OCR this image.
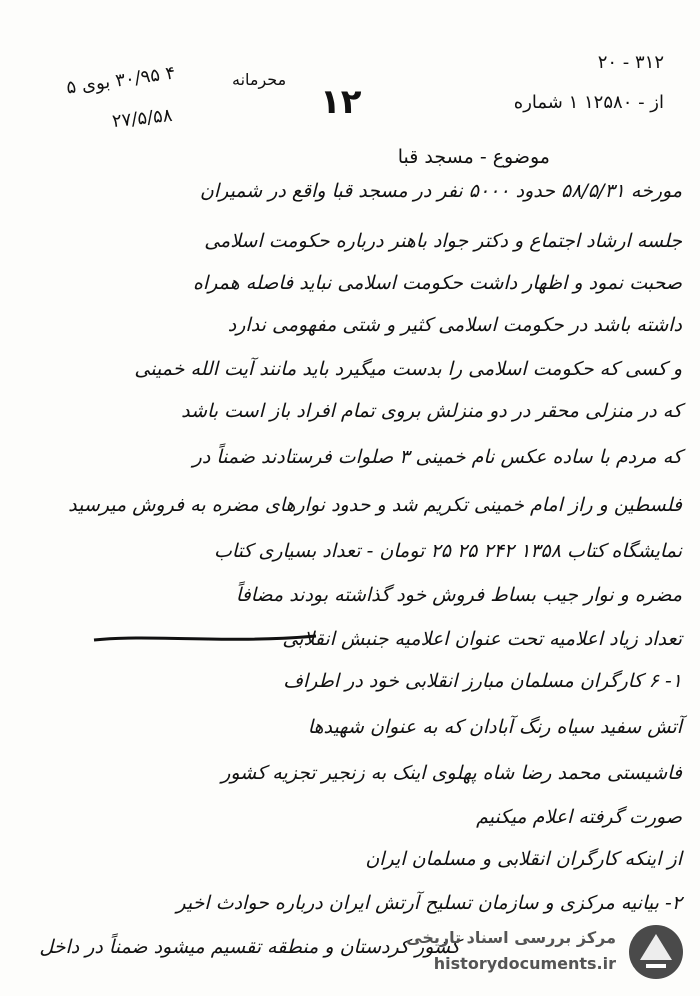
۳۱۲ - ۲۰
از - ۱۲۵۸۰ ۱ شماره
۱۲
۴ ۳۰/۹۵ بوی ۵
۲۷/۵/۵۸
محرمانه
موضوع - مسجد قبا
مورخه ۵۸/۵/۳۱ حدود ۵۰۰۰ نفر در مسجد قبا واقع در شمیران
جلسه ارشاد اجتماع و دکتر جواد باهنر درباره حکومت اسلامی
صحبت نمود و اظهار داشت حکومت اسلامی نباید فاصله همراه
داشته باشد در حکومت اسلامی کثیر و شتی مفهومی ندارد
و کسی که حکومت اسلامی را بدست میگیرد باید مانند آیت الله خمینی
که در منزلی محقر در دو منزلش بروی تمام افراد باز است باشد
که مردم با ساده عکس نام خمینی ۳ صلوات فرستادند ضمناً در
فلسطین و راز امام خمینی تکریم شد و حدود نوارهای مضره به فروش میرسید
نمایشگاه کتاب ۱۳۵۸ ۲۴۲ ۲۵ ۲۵ تومان - تعداد بسیاری کتاب
مضره و نوار جیب بساط فروش خود گذاشته بودند مضافاً
تعداد زیاد اعلامیه تحت عنوان اعلامیه جنبش انقلابی
۱- ۶ کارگران مسلمان مبارز انقلابی خود در اطراف
آتش سفید سیاه رنگ آبادان که به عنوان شهیدها
فاشیستی محمد رضا شاه پهلوی اینک به زنجیر تجزیه کشور
صورت گرفته اعلام میکنیم
از اینکه کارگران انقلابی و مسلمان ایران
۲- بیانیه مرکزی و سازمان تسلیح آرتش ایران درباره حوادث اخیر
کشور کردستان و منطقه تقسیم میشود ضمناً در داخل
مرکز بررسی اسناد تاریخی
historydocuments.ir
